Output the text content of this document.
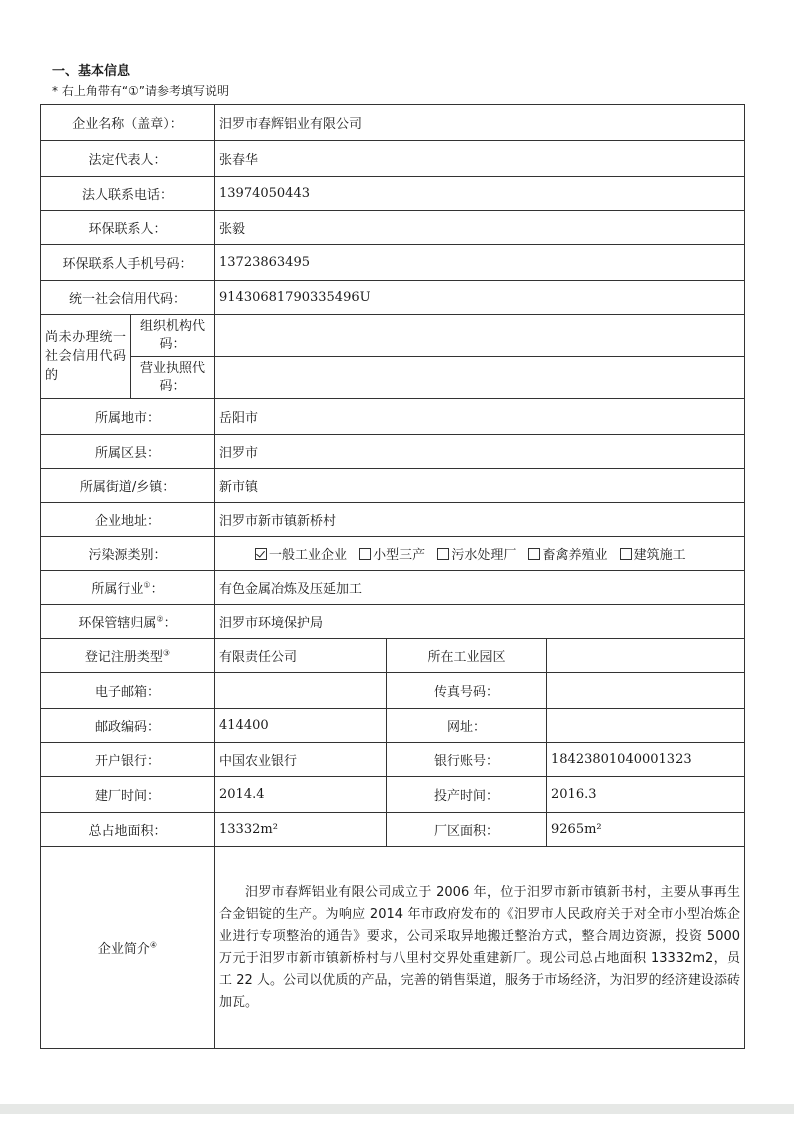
一、基本信息
* 右上角带有“①”请参考填写说明
企业名称（盖章）：		汨罗市春辉铝业有限公司		
法定代表人：		张春华		
法人联系电话：		13974050443		
环保联系人：		张毅		
环保联系人手机号码：		13723863495		
统一社会信用代码：		91430681790335496U		
尚未办理统一社会信用代码的	组织机构代码：			
	营业执照代码：			
所属地市：		岳阳市		
所属区县：		汨罗市		
所属街道/乡镇：		新市镇		
企业地址：		汨罗市新市镇新桥村		
污染源类别：		一般工业企业 小型三产 污水处理厂 畜禽养殖业 建筑施工		
所属行业①：		有色金属冶炼及压延加工		
环保管辖归属②：		汨罗市环境保护局		
登记注册类型③		有限责任公司	所在工业园区	
电子邮箱：			传真号码：	
邮政编码：		414400	网址：	
开户银行：		中国农业银行	银行账号：	18423801040001323
建厂时间：		2014.4	投产时间：	2016.3
总占地面积：		13332m²	厂区面积：	9265m²
企业简介④		汨罗市春辉铝业有限公司成立于 2006 年，位于汨罗市新市镇新书村，主要从事再生合金铝锭的生产。为响应 2014 年市政府发布的《汨罗市人民政府关于对全市小型冶炼企业进行专项整治的通告》要求，公司采取异地搬迁整治方式，整合周边资源，投资 5000 万元于汨罗市新市镇新桥村与八里村交界处重建新厂。现公司总占地面积 13332m2，员工 22 人。公司以优质的产品，完善的销售渠道，服务于市场经济，为汨罗的经济建设添砖加瓦。		
